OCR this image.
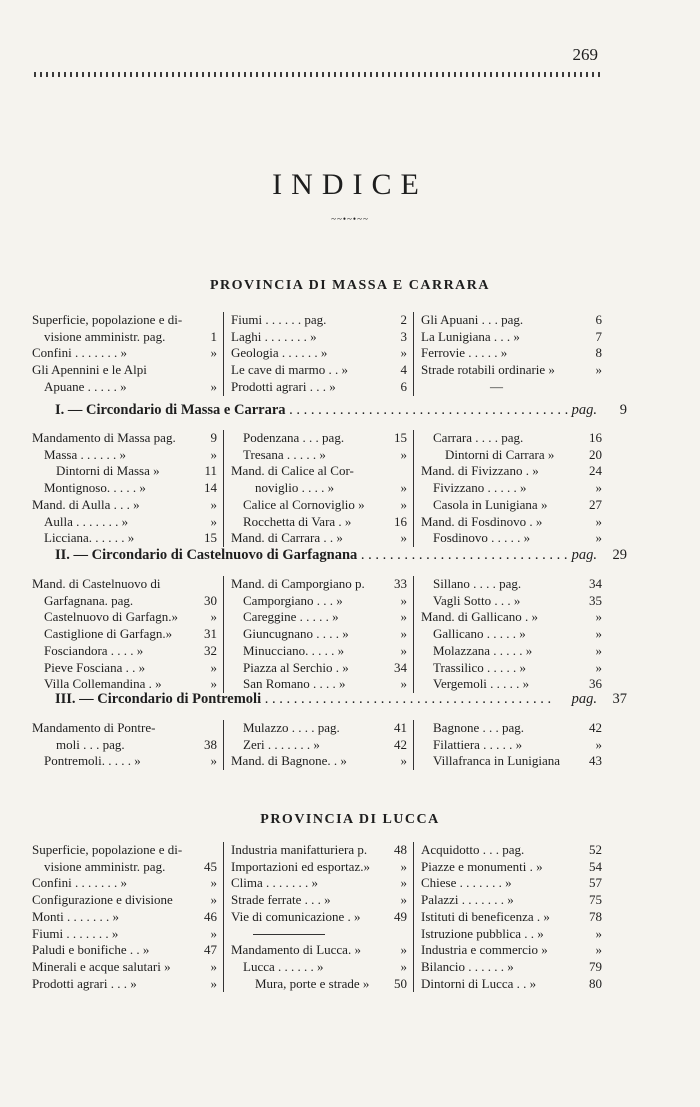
269
INDICE
~~•~•~~
PROVINCIA DI MASSA E CARRARA
Superficie, popolazione e di-
visione amministr. pag.	1
Confini . . . . . . . »	»
Gli Apennini e le Alpi
Apuane . . . . . »	»
Fiumi . . . . . . pag.	2
Laghi . . . . . . . »	3
Geologia . . . . . . »	»
Le cave di marmo . . »	4
Prodotti agrari . . . »	6
Gli Apuani . . . pag.	6
La Lunigiana . . . »	7
Ferrovie . . . . . »	8
Strade rotabili ordinarie »	»
—
I. — Circondario di Massa e Carrara . . .	pag.	9
Mandamento di Massa pag.	9
Massa . . . . . . »	»
Dintorni di Massa »	11
Montignoso. . . . . »	14
Mand. di Aulla . . . »	»
Aulla . . . . . . . »	»
Licciana. . . . . . »	15
Podenzana . . . pag.	15
Tresana . . . . . »	»
Mand. di Calice al Cor-
noviglio . . . . »	»
Calice al Cornoviglio »	»
Rocchetta di Vara . »	16
Mand. di Carrara . . »	»
Carrara . . . . pag.	16
Dintorni di Carrara »	20
Mand. di Fivizzano . »	24
Fivizzano . . . . . »	»
Casola in Lunigiana »	27
Mand. di Fosdinovo . »	»
Fosdinovo . . . . . »	»
II. — Circondario di Castelnuovo di Garfagnana . . .	pag.	29
Mand. di Castelnuovo di
Garfagnana. pag.	30
Castelnuovo di Garfagn.»	»
Castiglione di Garfagn.»	31
Fosciandora . . . . »	32
Pieve Fosciana . . »	»
Villa Collemandina . »	»
Mand. di Camporgiano p.	33
Camporgiano . . . »	»
Careggine . . . . . »	»
Giuncugnano . . . . »	»
Minucciano. . . . . »	»
Piazza al Serchio . »	34
San Romano . . . . »	»
Sillano . . . . pag.	34
Vagli Sotto . . . »	35
Mand. di Gallicano . »	»
Gallicano . . . . . »	»
Molazzana . . . . . »	»
Trassilico . . . . . »	»
Vergemoli . . . . . »	36
III. — Circondario di Pontremoli . . .	pag.	37
Mandamento di Pontre-
moli . . . pag.	38
Pontremoli. . . . . »	»
Mulazzo . . . . pag.	41
Zeri . . . . . . . »	42
Mand. di Bagnone. . »	»
Bagnone . . . pag.	42
Filattiera . . . . . »	»
Villafranca in Lunigiana	43
PROVINCIA DI LUCCA
Superficie, popolazione e di-
visione amministr. pag.	45
Confini . . . . . . . »	»
Configurazione e divisione	»
Monti . . . . . . . »	46
Fiumi . . . . . . . »	»
Paludi e bonifiche . . »	47
Minerali e acque salutari »	»
Prodotti agrari . . . »	»
Industria manifatturiera p.	48
Importazioni ed esportaz.»	»
Clima . . . . . . . »	»
Strade ferrate . . . »	»
Vie di comunicazione . »	49
Mandamento di Lucca. »	»
Lucca . . . . . . »	»
Mura, porte e strade »	50
Acquidotto . . . pag.	52
Piazze e monumenti . »	54
Chiese . . . . . . . »	57
Palazzi . . . . . . . »	75
Istituti di beneficenza . »	78
Istruzione pubblica . . »	»
Industria e commercio »	»
Bilancio . . . . . . »	79
Dintorni di Lucca . . »	80
